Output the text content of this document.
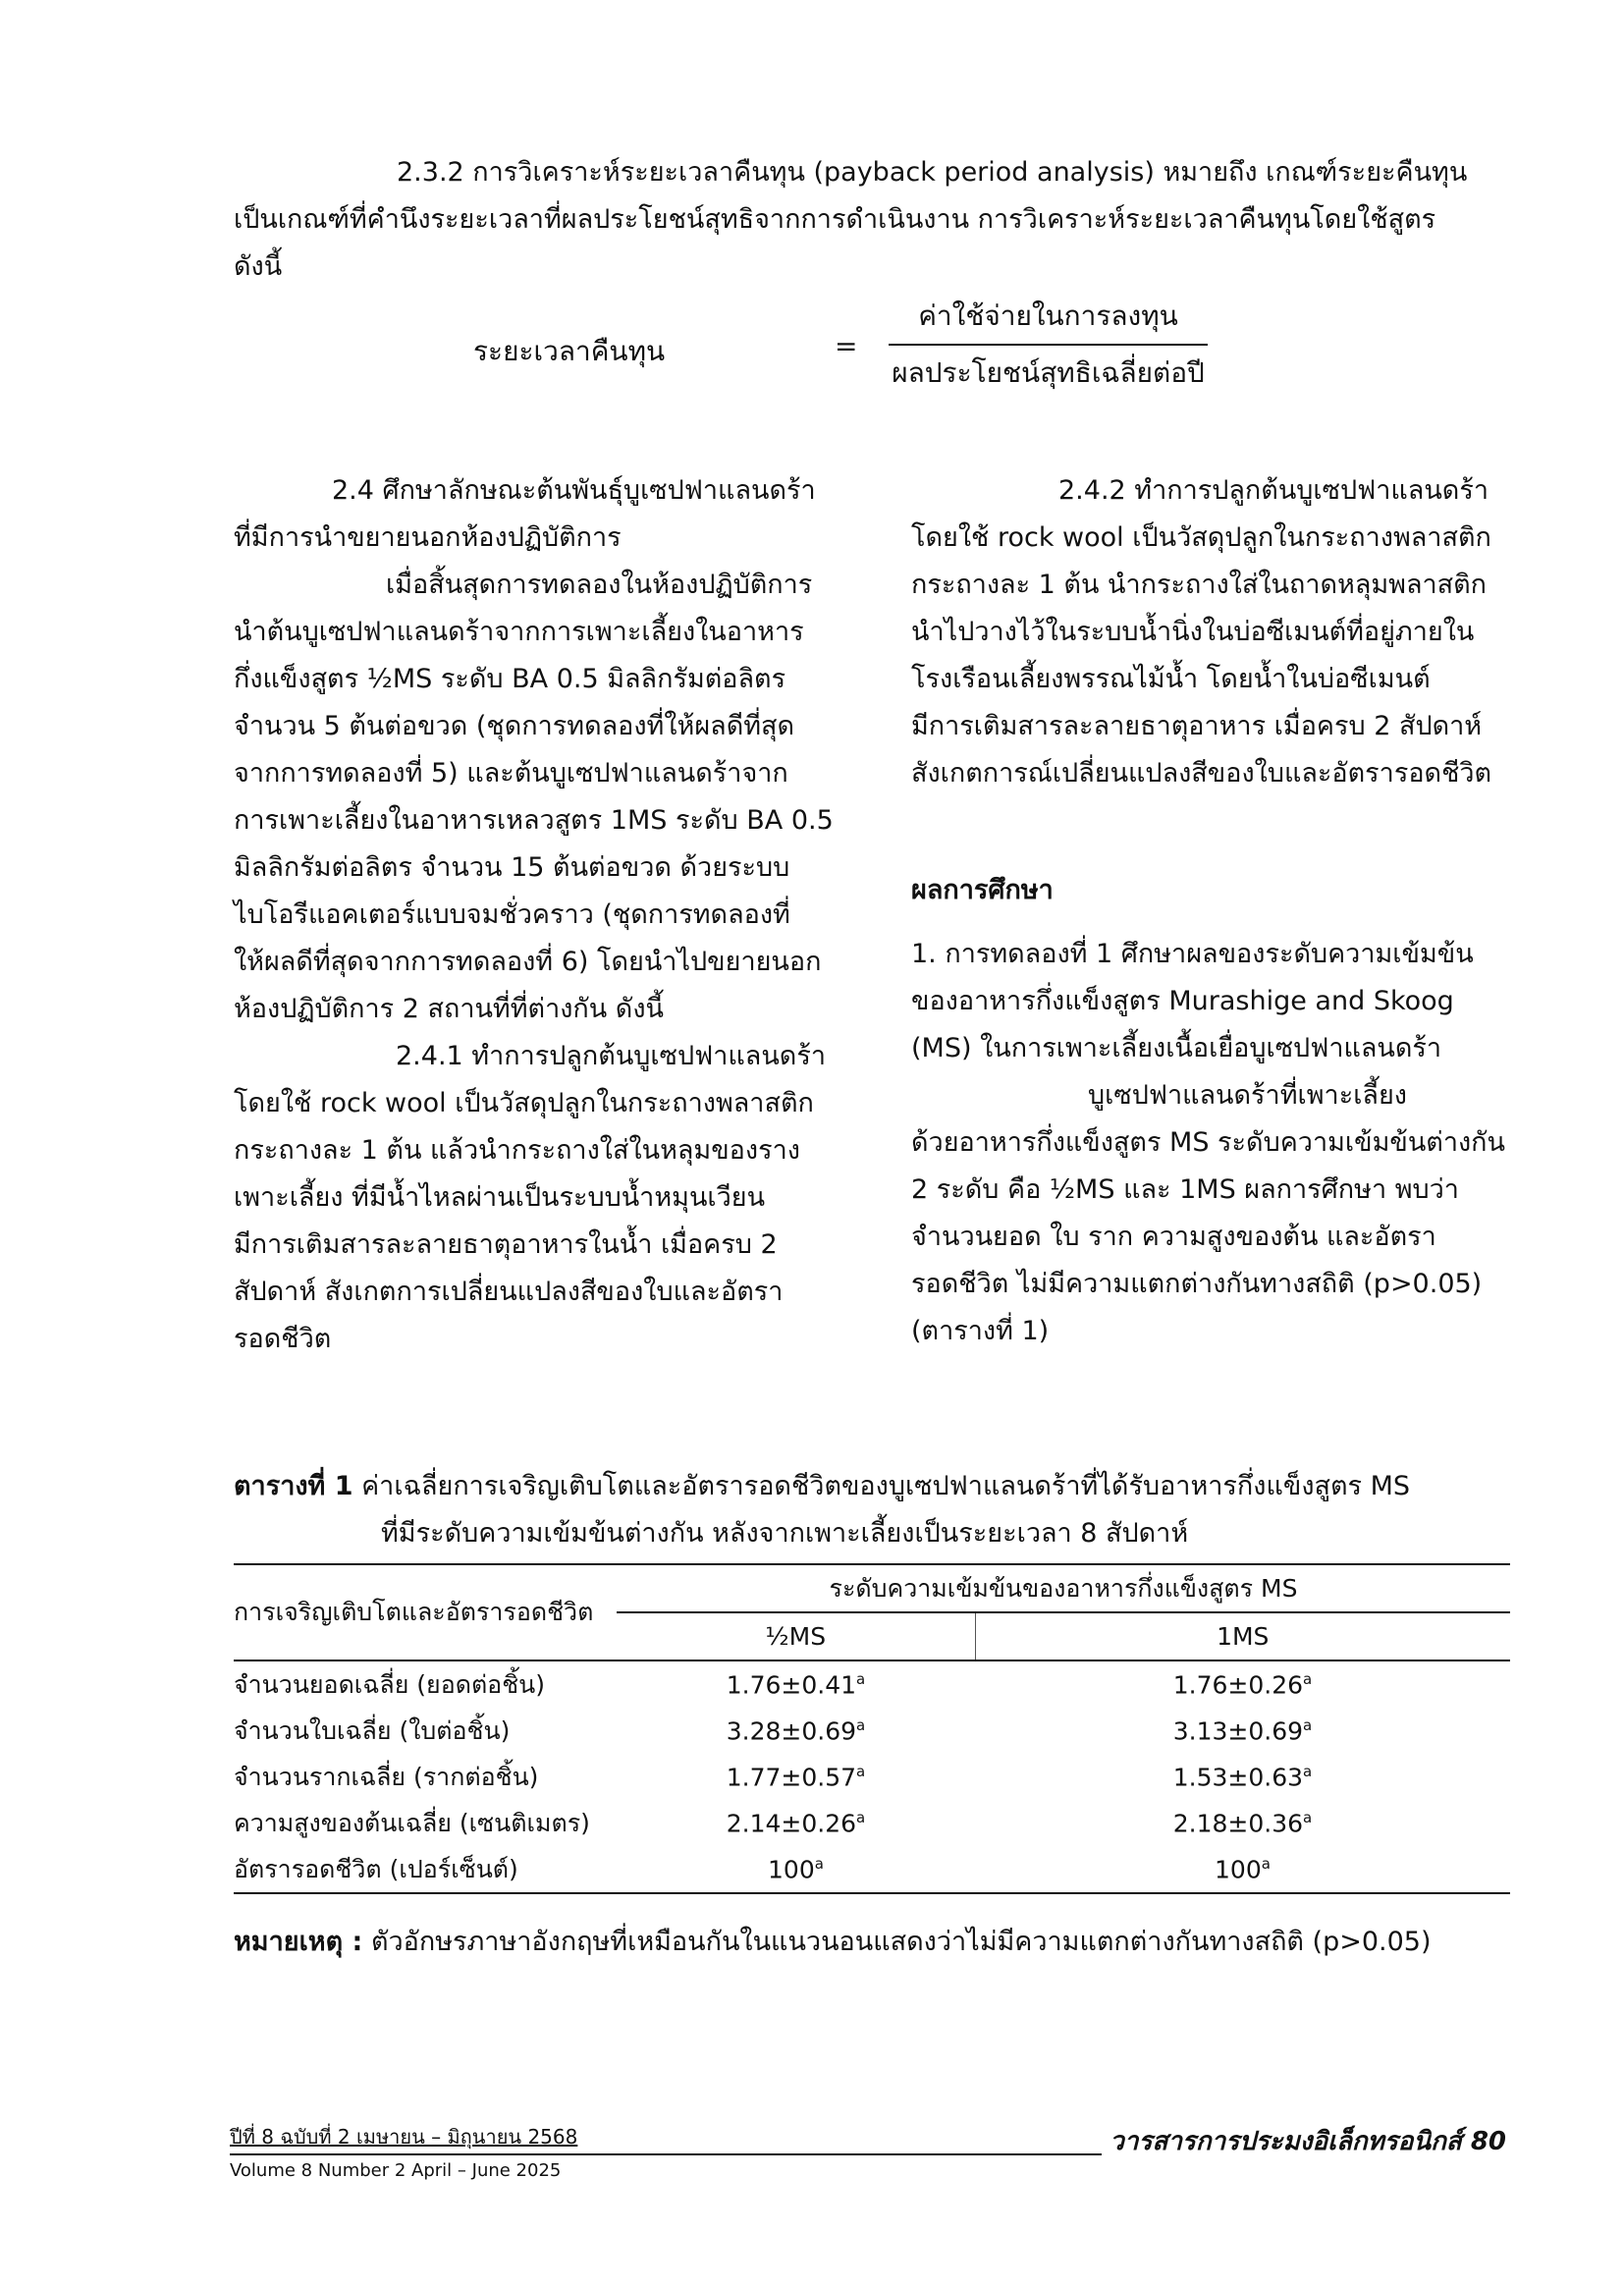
2.3.2 การวิเคราะห์ระยะเวลาคืนทุน (payback period analysis) หมายถึง เกณฑ์ระยะคืนทุน

เป็นเกณฑ์ที่คำนึงระยะเวลาที่ผลประโยชน์สุทธิจากการดำเนินงาน การวิเคราะห์ระยะเวลาคืนทุนโดยใช้สูตร

ดังนี้

ระยะเวลาคืนทุน	=
ค่าใช้จ่ายในการลงทุน
ผลประโยชน์สุทธิเฉลี่ยต่อปี

2.4 ศึกษาลักษณะต้นพันธุ์บูเซปฟาแลนดร้า

ที่มีการนำขยายนอกห้องปฏิบัติการ

เมื่อสิ้นสุดการทดลองในห้องปฏิบัติการ

นำต้นบูเซปฟาแลนดร้าจากการเพาะเลี้ยงในอาหาร

กึ่งแข็งสูตร ½MS ระดับ BA 0.5 มิลลิกรัมต่อลิตร

จำนวน 5 ต้นต่อขวด (ชุดการทดลองที่ให้ผลดีที่สุด

จากการทดลองที่ 5) และต้นบูเซปฟาแลนดร้าจาก

การเพาะเลี้ยงในอาหารเหลวสูตร 1MS ระดับ BA 0.5

มิลลิกรัมต่อลิตร จำนวน 15 ต้นต่อขวด ด้วยระบบ

ไบโอรีแอคเตอร์แบบจมชั่วคราว (ชุดการทดลองที่

ให้ผลดีที่สุดจากการทดลองที่ 6) โดยนำไปขยายนอก

ห้องปฏิบัติการ 2 สถานที่ที่ต่างกัน ดังนี้

2.4.1 ทำการปลูกต้นบูเซปฟาแลนดร้า

โดยใช้ rock wool เป็นวัสดุปลูกในกระถางพลาสติก

กระถางละ 1 ต้น แล้วนำกระถางใส่ในหลุมของราง

เพาะเลี้ยง ที่มีน้ำไหลผ่านเป็นระบบน้ำหมุนเวียน

มีการเติมสารละลายธาตุอาหารในน้ำ เมื่อครบ 2

สัปดาห์ สังเกตการเปลี่ยนแปลงสีของใบและอัตรา

รอดชีวิต

2.4.2 ทำการปลูกต้นบูเซปฟาแลนดร้า

โดยใช้ rock wool เป็นวัสดุปลูกในกระถางพลาสติก

กระถางละ 1 ต้น นำกระถางใส่ในถาดหลุมพลาสติก

นำไปวางไว้ในระบบน้ำนิ่งในบ่อซีเมนต์ที่อยู่ภายใน

โรงเรือนเลี้ยงพรรณไม้น้ำ โดยน้ำในบ่อซีเมนต์

มีการเติมสารละลายธาตุอาหาร เมื่อครบ 2 สัปดาห์

สังเกตการณ์เปลี่ยนแปลงสีของใบและอัตรารอดชีวิต

ผลการศึกษา

1. การทดลองที่ 1 ศึกษาผลของระดับความเข้มข้น

ของอาหารกึ่งแข็งสูตร Murashige and Skoog

(MS) ในการเพาะเลี้ยงเนื้อเยื่อบูเซปฟาแลนดร้า

บูเซปฟาแลนดร้าที่เพาะเลี้ยง

ด้วยอาหารกึ่งแข็งสูตร MS ระดับความเข้มข้นต่างกัน

2 ระดับ คือ ½MS และ 1MS ผลการศึกษา พบว่า

จำนวนยอด ใบ ราก ความสูงของต้น และอัตรา

รอดชีวิต ไม่มีความแตกต่างกันทางสถิติ (p>0.05)

(ตารางที่ 1)

ตารางที่ 1 ค่าเฉลี่ยการเจริญเติบโตและอัตรารอดชีวิตของบูเซปฟาแลนดร้าที่ได้รับอาหารกึ่งแข็งสูตร MS

ที่มีระดับความเข้มข้นต่างกัน หลังจากเพาะเลี้ยงเป็นระยะเวลา 8 สัปดาห์

การเจริญเติบโตและอัตรารอดชีวิต	ระดับความเข้มข้นของอาหารกึ่งแข็งสูตร MS	
	½MS	1MS
จำนวนยอดเฉลี่ย (ยอดต่อชิ้น)	1.76±0.41$^a$	1.76±0.26$^a$
จำนวนใบเฉลี่ย (ใบต่อชิ้น)	3.28±0.69$^a$	3.13±0.69$^a$
จำนวนรากเฉลี่ย (รากต่อชิ้น)	1.77±0.57$^a$	1.53±0.63$^a$
ความสูงของต้นเฉลี่ย (เซนติเมตร)	2.14±0.26$^a$	2.18±0.36$^a$
อัตรารอดชีวิต (เปอร์เซ็นต์)	100$^a$	100$^a$
หมายเหตุ : ตัวอักษรภาษาอังกฤษที่เหมือนกันในแนวนอนแสดงว่าไม่มีความแตกต่างกันทางสถิติ (p>0.05)
ปีที่ 8 ฉบับที่ 2 เมษายน – มิถุนายน 2568
Volume 8 Number 2 April – June 2025
วารสารการประมงอิเล็กทรอนิกส์ 80
